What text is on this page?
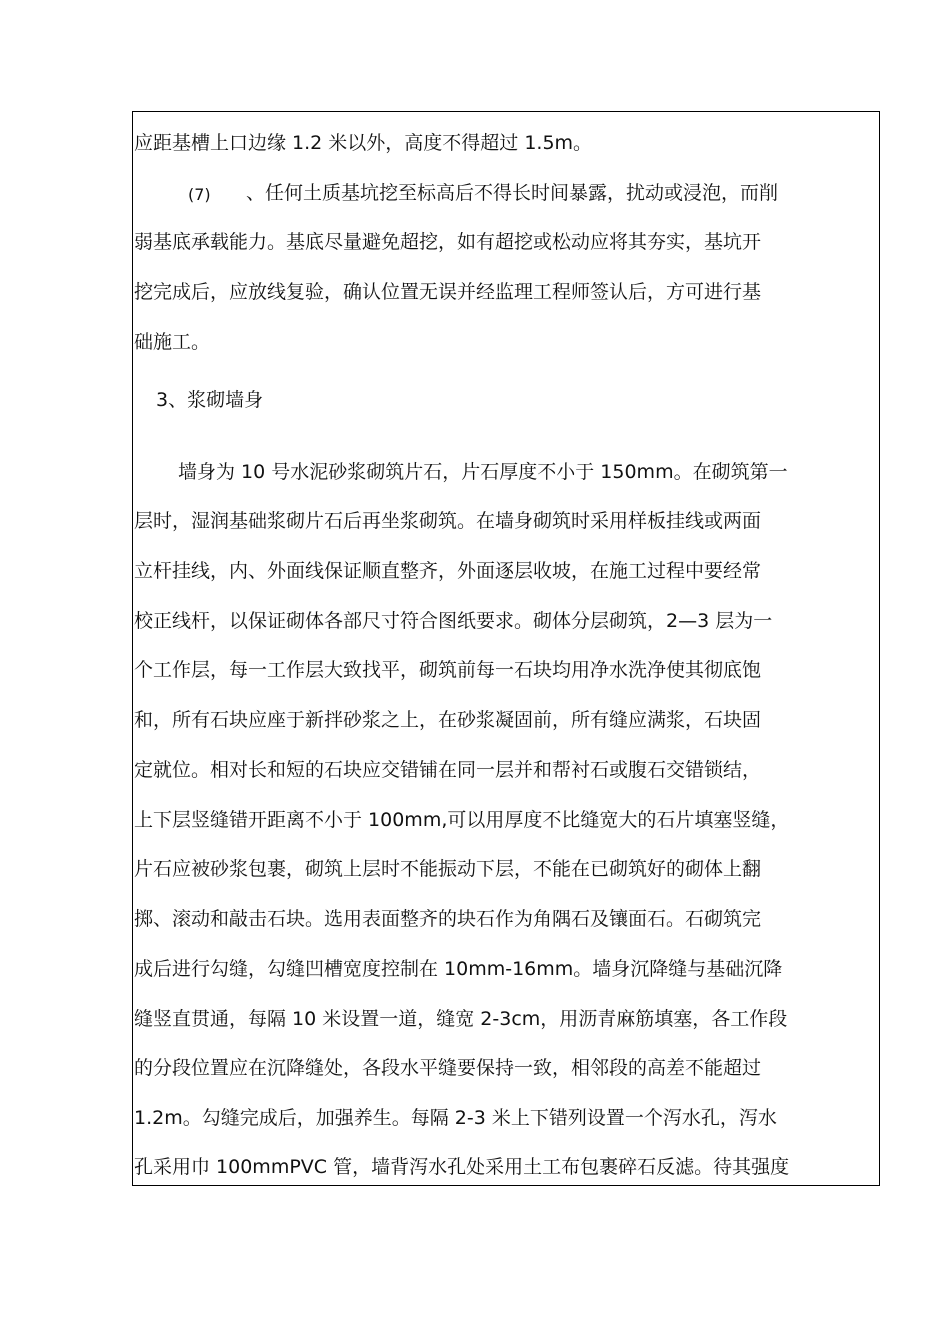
应距基槽上口边缘 1.2 米以外，高度不得超过 1.5m。
(7) 、任何土质基坑挖至标高后不得长时间暴露，扰动或浸泡，而削
弱基底承载能力。基底尽量避免超挖，如有超挖或松动应将其夯实，基坑开
挖完成后，应放线复验，确认位置无误并经监理工程师签认后，方可进行基
础施工。
3、浆砌墙身
墙身为 10 号水泥砂浆砌筑片石，片石厚度不小于 150mm。在砌筑第一
层时，湿润基础浆砌片石后再坐浆砌筑。在墙身砌筑时采用样板挂线或两面
立杆挂线，内、外面线保证顺直整齐，外面逐层收坡，在施工过程中要经常
校正线杆，以保证砌体各部尺寸符合图纸要求。砌体分层砌筑，2—3 层为一
个工作层，每一工作层大致找平，砌筑前每一石块均用净水洗净使其彻底饱
和，所有石块应座于新拌砂浆之上，在砂浆凝固前，所有缝应满浆，石块固
定就位。相对长和短的石块应交错铺在同一层并和帮衬石或腹石交错锁结，
上下层竖缝错开距离不小于 100mm,可以用厚度不比缝宽大的石片填塞竖缝，
片石应被砂浆包裹，砌筑上层时不能振动下层，不能在已砌筑好的砌体上翻
掷、滚动和敲击石块。选用表面整齐的块石作为角隅石及镶面石。石砌筑完
成后进行勾缝，勾缝凹槽宽度控制在 10mm-16mm。墙身沉降缝与基础沉降
缝竖直贯通，每隔 10 米设置一道，缝宽 2-3cm，用沥青麻筋填塞，各工作段
的分段位置应在沉降缝处，各段水平缝要保持一致，相邻段的高差不能超过
1.2m。勾缝完成后，加强养生。每隔 2-3 米上下错列设置一个泻水孔，泻水
孔采用巾 100mmPVC 管，墙背泻水孔处采用土工布包裹碎石反滤。待其强度
